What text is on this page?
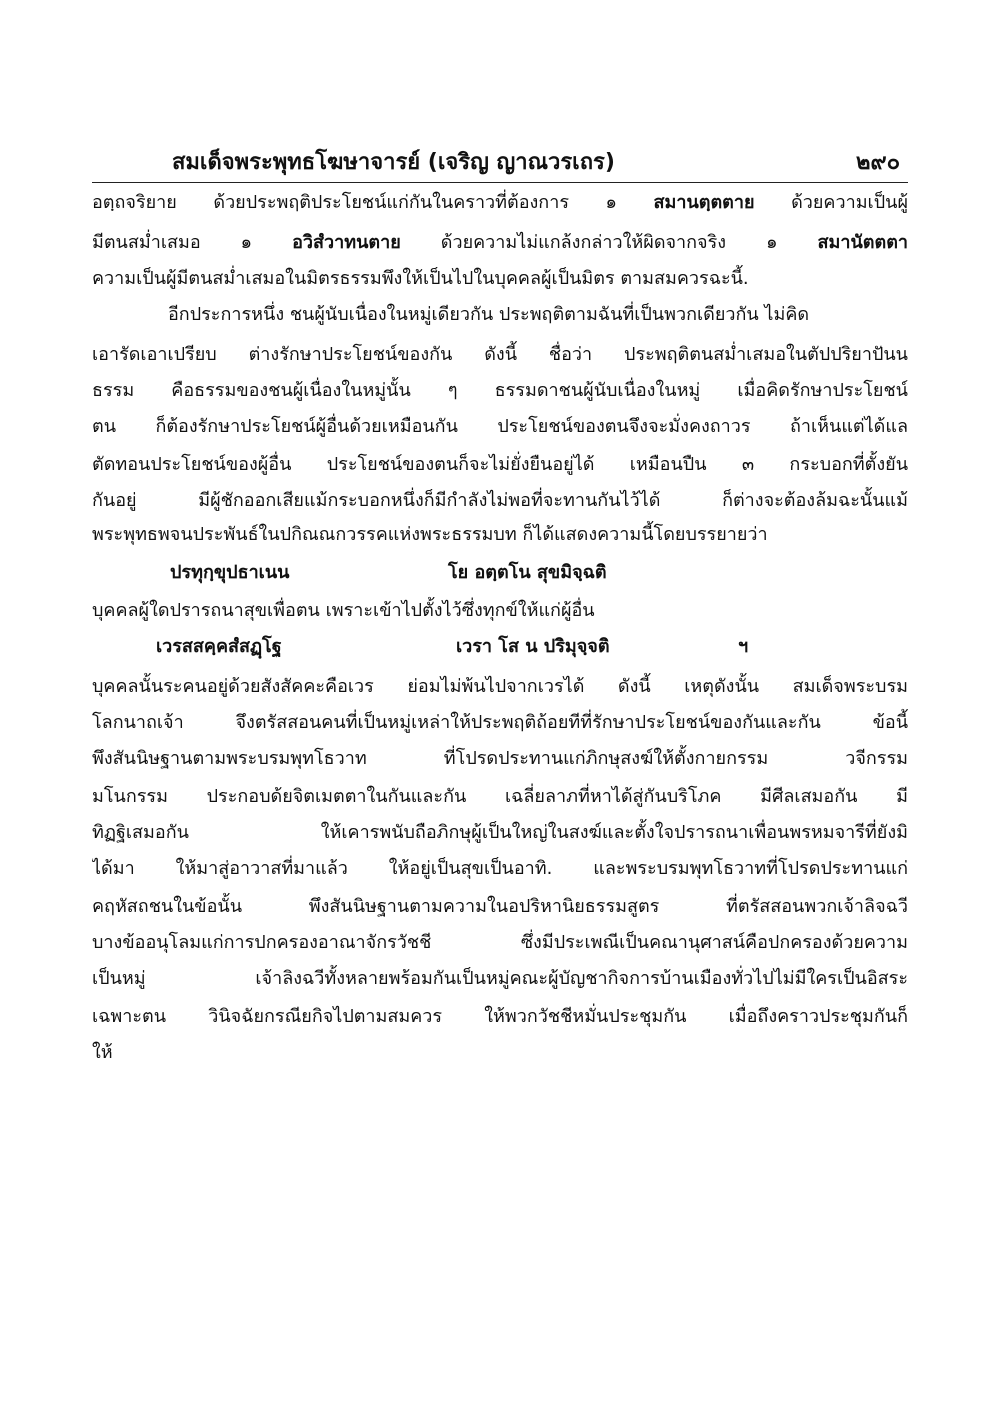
สมเด็จพระพุทธโฆษาจารย์ (เจริญ ญาณวรเถร)	๒๙๐
อตฺถจริยาย ด้วยประพฤติประโยชน์แก่กันในคราวที่ต้องการ ๑ สมานตฺตตาย ด้วยความเป็นผู้
มีตนสม่ำเสมอ ๑ อวิสํวาทนตาย ด้วยความไม่แกล้งกล่าวให้ผิดจากจริง ๑ สมานัตตตา
ความเป็นผู้มีตนสม่ำเสมอในมิตรธรรมพึงให้เป็นไปในบุคคลผู้เป็นมิตร ตามสมควรฉะนี้.
อีกประการหนึ่ง ชนผู้นับเนื่องในหมู่เดียวกัน ประพฤติตามฉันที่เป็นพวกเดียวกัน ไม่คิด
เอารัดเอาเปรียบ ต่างรักษาประโยชน์ของกัน ดังนี้ ชื่อว่า ประพฤติตนสม่ำเสมอในตัปปริยาปันน
ธรรม คือธรรมของชนผู้เนื่องในหมู่นั้น ๆ ธรรมดาชนผู้นับเนื่องในหมู่ เมื่อคิดรักษาประโยชน์
ตน ก็ต้องรักษาประโยชน์ผู้อื่นด้วยเหมือนกัน ประโยชน์ของตนจึงจะมั่งคงถาวร ถ้าเห็นแต่ได้แล
ตัดทอนประโยชน์ของผู้อื่น ประโยชน์ของตนก็จะไม่ยั่งยืนอยู่ได้ เหมือนปืน ๓ กระบอกที่ตั้งยัน
กันอยู่ มีผู้ชักออกเสียแม้กระบอกหนึ่งก็มีกำลังไม่พอที่จะทานกันไว้ได้ ก็ต่างจะต้องล้มฉะนั้นแม้
พระพุทธพจนประพันธ์ในปกิณณกวรรคแห่งพระธรรมบท ก็ได้แสดงความนี้โดยบรรยายว่า
ปรทุกฺขุปธาเนน	โย อตฺตโน สุขมิจฺฉติ
บุคคลผู้ใดปรารถนาสุขเพื่อตน เพราะเข้าไปตั้งไว้ซึ่งทุกข์ให้แก่ผู้อื่น
เวรสสคฺคสํสฏฺโฐ	เวรา โส น ปริมุจฺจติ	ฯ
บุคคลนั้นระคนอยู่ด้วยสังสัคคะคือเวร ย่อมไม่พ้นไปจากเวรได้ ดังนี้ เหตุดังนั้น สมเด็จพระบรม
โลกนาถเจ้า จึงตรัสสอนคนที่เป็นหมู่เหล่าให้ประพฤติถ้อยทีที่รักษาประโยชน์ของกันและกัน ข้อนี้
พึงสันนิษฐานตามพระบรมพุทโธวาท ที่โปรดประทานแก่ภิกษุสงฆ์ให้ตั้งกายกรรม วจีกรรม
มโนกรรม ประกอบด้ยจิตเมตตาในกันและกัน เฉลี่ยลาภที่หาได้สู่กันบริโภค มีศีลเสมอกัน มี
ทิฏฐิเสมอกัน ให้เคารพนับถือภิกษุผู้เป็นใหญ่ในสงฆ์และตั้งใจปรารถนาเพื่อนพรหมจารีที่ยังมิ
ได้มา ให้มาสู่อาวาสที่มาแล้ว ให้อยู่เป็นสุขเป็นอาทิ. และพระบรมพุทโธวาทที่โปรดประทานแก่
คฤหัสถชนในข้อนั้น พึงสันนิษฐานตามความในอปริหานิยธรรมสูตร ที่ตรัสสอนพวกเจ้าลิจฉวี
บางข้ออนุโลมแก่การปกครองอาณาจักรวัชชี ซึ่งมีประเพณีเป็นคณานุศาสน์คือปกครองด้วยความ
เป็นหมู่ เจ้าลิงฉวีทั้งหลายพร้อมกันเป็นหมู่คณะผู้บัญชากิจการบ้านเมืองทั่วไปไม่มีใครเป็นอิสระ
เฉพาะตน วินิจฉัยกรณียกิจไปตามสมควร ให้พวกวัชชีหมั่นประชุมกัน เมื่อถึงคราวประชุมกันก็
ให้
